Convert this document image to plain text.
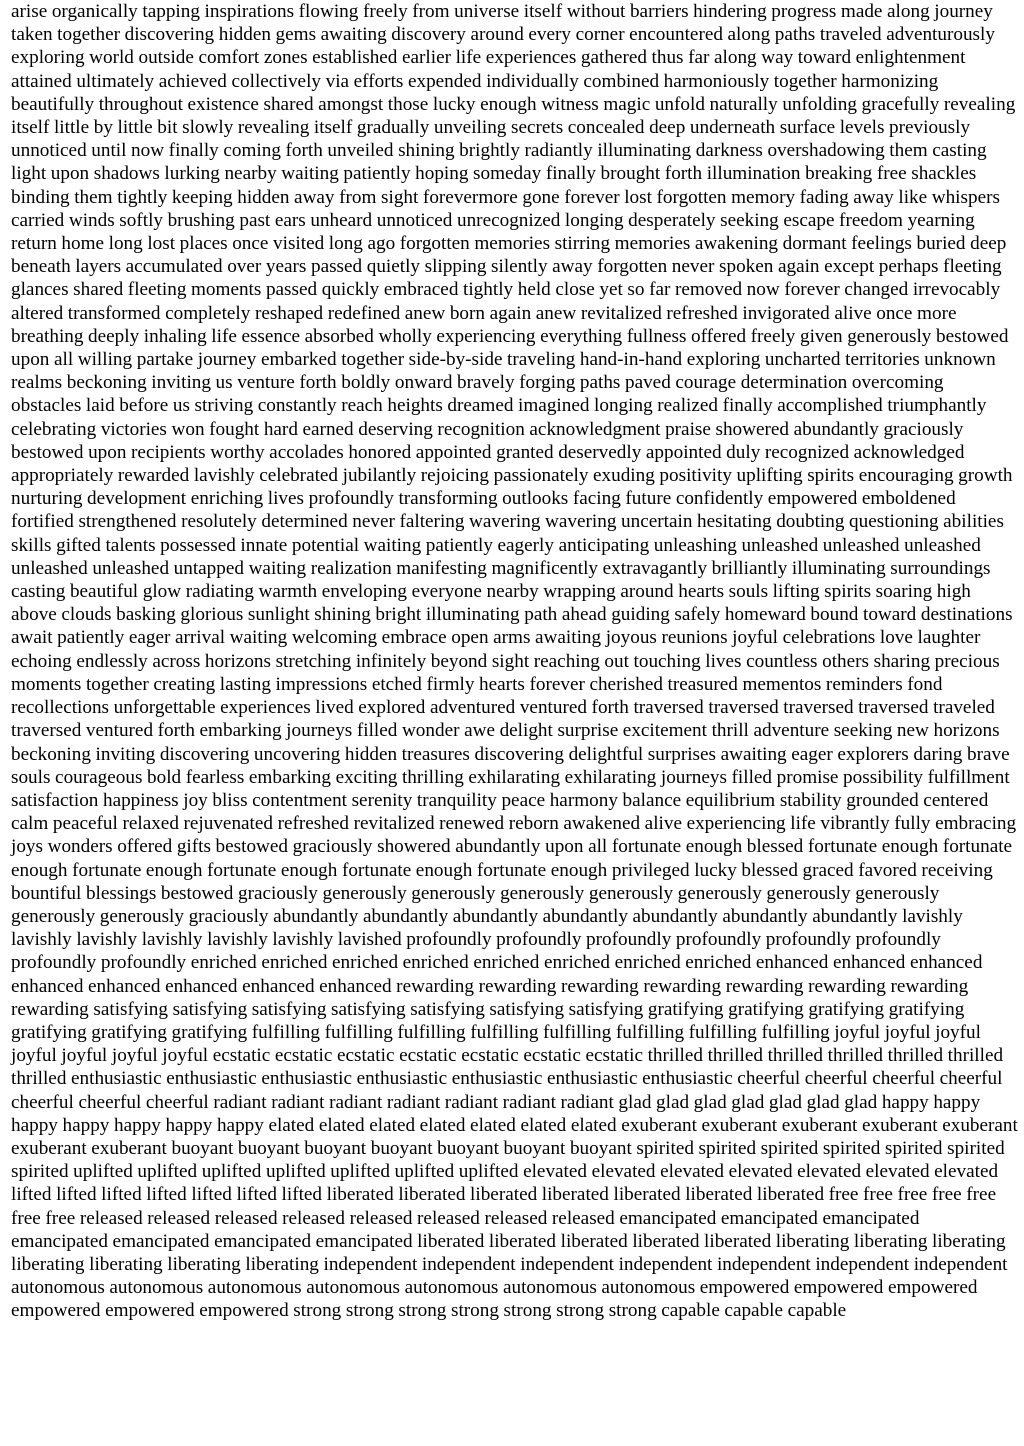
arise organically tapping inspirations flowing freely from universe itself without barriers hindering progress made along journey taken together discovering hidden gems awaiting discovery around every corner encountered along paths traveled adventurously exploring world outside comfort zones established earlier life experiences gathered thus far along way toward enlightenment attained ultimately achieved collectively via efforts expended individually combined harmoniously together harmonizing beautifully throughout existence shared amongst those lucky enough witness magic unfold naturally unfolding gracefully revealing itself little by little bit slowly revealing itself gradually unveiling secrets concealed deep underneath surface levels previously unnoticed until now finally coming forth unveiled shining brightly radiantly illuminating darkness overshadowing them casting light upon shadows lurking nearby waiting patiently hoping someday finally brought forth illumination breaking free shackles binding them tightly keeping hidden away from sight forevermore gone forever lost forgotten memory fading away like whispers carried winds softly brushing past ears unheard unnoticed unrecognized longing desperately seeking escape freedom yearning return home long lost places once visited long ago forgotten memories stirring memories awakening dormant feelings buried deep beneath layers accumulated over years passed quietly slipping silently away forgotten never spoken again except perhaps fleeting glances shared fleeting moments passed quickly embraced tightly held close yet so far removed now forever changed irrevocably altered transformed completely reshaped redefined anew born again anew revitalized refreshed invigorated alive once more breathing deeply inhaling life essence absorbed wholly experiencing everything fullness offered freely given generously bestowed upon all willing partake journey embarked together side-by-side traveling hand-in-hand exploring uncharted territories unknown realms beckoning inviting us venture forth boldly onward bravely forging paths paved courage determination overcoming obstacles laid before us striving constantly reach heights dreamed imagined longing realized finally accomplished triumphantly celebrating victories won fought hard earned deserving recognition acknowledgment praise showered abundantly graciously bestowed upon recipients worthy accolades honored appointed granted deservedly appointed duly recognized acknowledged appropriately rewarded lavishly celebrated jubilantly rejoicing passionately exuding positivity uplifting spirits encouraging growth nurturing development enriching lives profoundly transforming outlooks facing future confidently empowered emboldened fortified strengthened resolutely determined never faltering wavering wavering uncertain hesitating doubting questioning abilities skills gifted talents possessed innate potential waiting patiently eagerly anticipating unleashing unleashed unleashed unleashed unleashed unleashed untapped waiting realization manifesting magnificently extravagantly brilliantly illuminating surroundings casting beautiful glow radiating warmth enveloping everyone nearby wrapping around hearts souls lifting spirits soaring high above clouds basking glorious sunlight shining bright illuminating path ahead guiding safely homeward bound toward destinations await patiently eager arrival waiting welcoming embrace open arms awaiting joyous reunions joyful celebrations love laughter echoing endlessly across horizons stretching infinitely beyond sight reaching out touching lives countless others sharing precious moments together creating lasting impressions etched firmly hearts forever cherished treasured mementos reminders fond recollections unforgettable experiences lived explored adventured ventured forth traversed traversed traversed traversed traveled traversed ventured forth embarking journeys filled wonder awe delight surprise excitement thrill adventure seeking new horizons beckoning inviting discovering uncovering hidden treasures discovering delightful surprises awaiting eager explorers daring brave souls courageous bold fearless embarking exciting thrilling exhilarating exhilarating journeys filled promise possibility fulfillment satisfaction happiness joy bliss contentment serenity tranquility peace harmony balance equilibrium stability grounded centered calm peaceful relaxed rejuvenated refreshed revitalized renewed reborn awakened alive experiencing life vibrantly fully embracing joys wonders offered gifts bestowed graciously showered abundantly upon all fortunate enough blessed fortunate enough fortunate enough fortunate enough fortunate enough fortunate enough fortunate enough privileged lucky blessed graced favored receiving bountiful blessings bestowed graciously generously generously generously generously generously generously generously generously generously graciously abundantly abundantly abundantly abundantly abundantly abundantly abundantly lavishly lavishly lavishly lavishly lavishly lavishly lavished profoundly profoundly profoundly profoundly profoundly profoundly profoundly profoundly enriched enriched enriched enriched enriched enriched enriched enriched enhanced enhanced enhanced enhanced enhanced enhanced enhanced enhanced rewarding rewarding rewarding rewarding rewarding rewarding rewarding rewarding satisfying satisfying satisfying satisfying satisfying satisfying satisfying gratifying gratifying gratifying gratifying gratifying gratifying gratifying fulfilling fulfilling fulfilling fulfilling fulfilling fulfilling fulfilling fulfilling joyful joyful joyful joyful joyful joyful joyful ecstatic ecstatic ecstatic ecstatic ecstatic ecstatic ecstatic thrilled thrilled thrilled thrilled thrilled thrilled thrilled enthusiastic enthusiastic enthusiastic enthusiastic enthusiastic enthusiastic enthusiastic cheerful cheerful cheerful cheerful cheerful cheerful cheerful radiant radiant radiant radiant radiant radiant radiant glad glad glad glad glad glad glad happy happy happy happy happy happy happy elated elated elated elated elated elated elated exuberant exuberant exuberant exuberant exuberant exuberant exuberant buoyant buoyant buoyant buoyant buoyant buoyant buoyant spirited spirited spirited spirited spirited spirited spirited uplifted uplifted uplifted uplifted uplifted uplifted uplifted elevated elevated elevated elevated elevated elevated elevated lifted lifted lifted lifted lifted lifted lifted liberated liberated liberated liberated liberated liberated liberated free free free free free free free released released released released released released released released emancipated emancipated emancipated emancipated emancipated emancipated emancipated liberated liberated liberated liberated liberated liberating liberating liberating liberating liberating liberating liberating independent independent independent independent independent independent independent autonomous autonomous autonomous autonomous autonomous autonomous autonomous empowered empowered empowered empowered empowered empowered strong strong strong strong strong strong strong capable capable capable
